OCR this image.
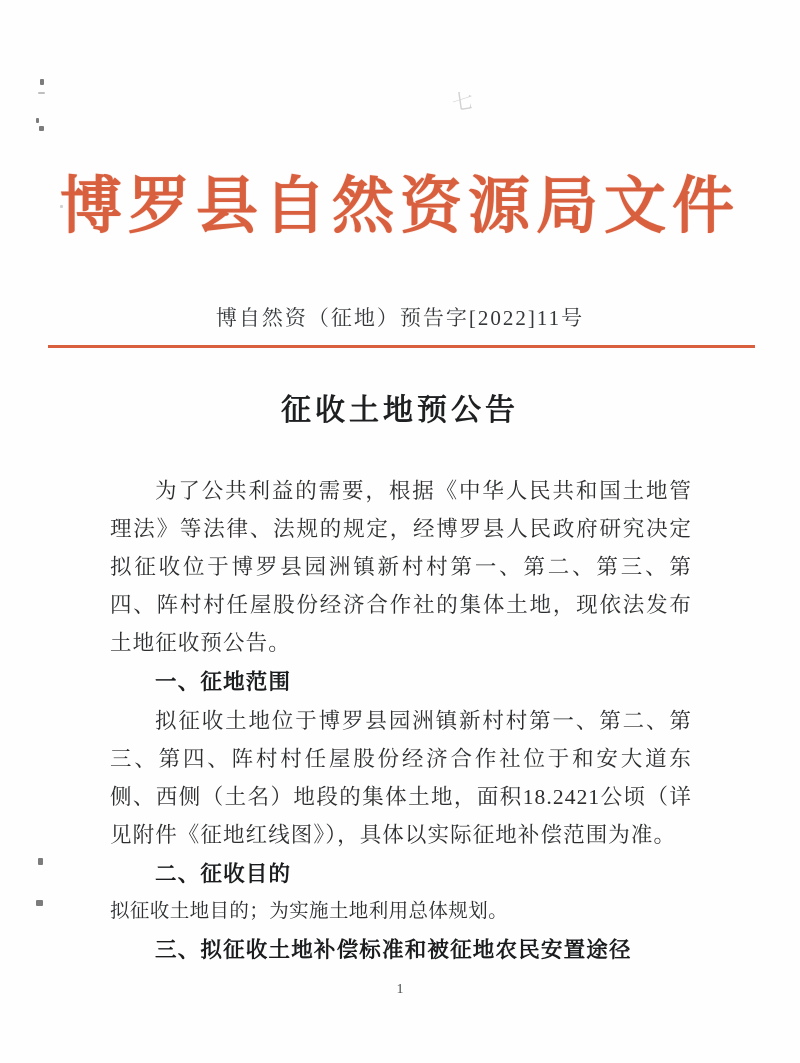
七
博罗县自然资源局文件
博自然资（征地）预告字[2022]11号
征收土地预公告

为了公共利益的需要，根据《中华人民共和国土地管理法》等法律、法规的规定，经博罗县人民政府研究决定拟征收位于博罗县园洲镇新村村第一、第二、第三、第四、阵村村任屋股份经济合作社的集体土地，现依法发布土地征收预公告。

一、征地范围

拟征收土地位于博罗县园洲镇新村村第一、第二、第三、第四、阵村村任屋股份经济合作社位于和安大道东侧、西侧（土名）地段的集体土地，面积18.2421公顷（详见附件《征地红线图》），具体以实际征地补偿范围为准。

二、征收目的

拟征收土地目的；为实施土地利用总体规划。

三、拟征收土地补偿标准和被征地农民安置途径

1
